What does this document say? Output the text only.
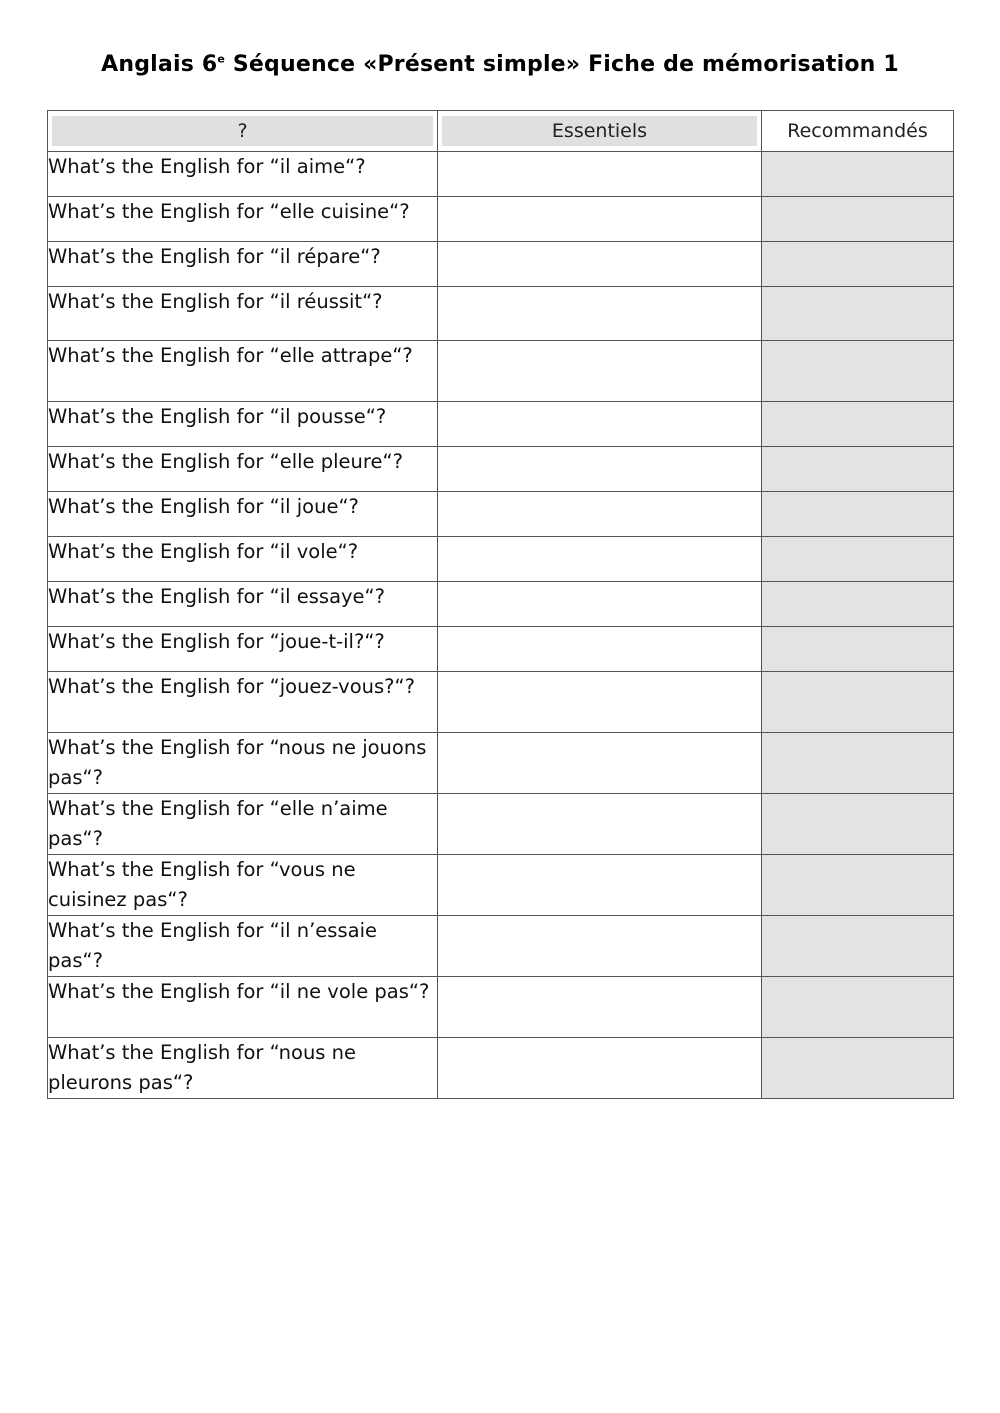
Anglais 6e Séquence «Présent simple» Fiche de mémorisation 1
?	Essentiels	Recommandés

What’s the English for “il aime“?		
What’s the English for “elle cuisine“?		
What’s the English for “il répare“?		
What’s the English for “il réussit“?		
What’s the English for “elle attrape“?		
What’s the English for “il pousse“?		
What’s the English for “elle pleure“?		
What’s the English for “il joue“?		
What’s the English for “il vole“?		
What’s the English for “il essaye“?		
What’s the English for “joue-t-il?“?		
What’s the English for “jouez-vous?“?		
What’s the English for “nous ne jouons pas“?		
What’s the English for “elle n’aime pas“?		
What’s the English for “vous ne cuisinez pas“?		
What’s the English for “il n’essaie pas“?		
What’s the English for “il ne vole pas“?		
What’s the English for “nous ne pleurons pas“?		
